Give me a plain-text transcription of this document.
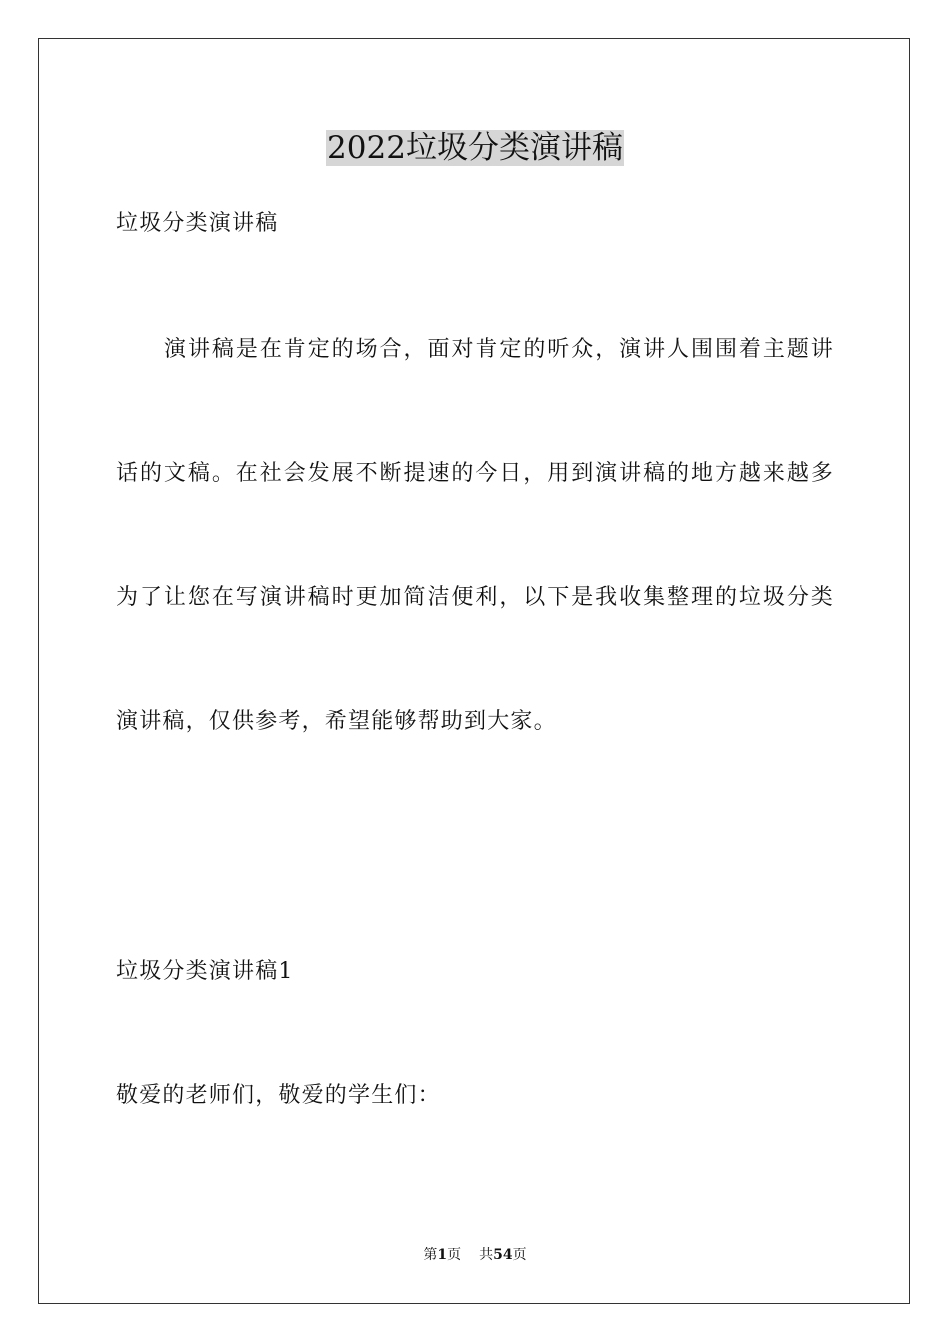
2022垃圾分类演讲稿
垃圾分类演讲稿
演讲稿是在肯定的场合，面对肯定的听众，演讲人围围着主题讲
话的文稿。在社会发展不断提速的今日，用到演讲稿的地方越来越多
为了让您在写演讲稿时更加简洁便利，以下是我收集整理的垃圾分类
演讲稿，仅供参考，希望能够帮助到大家。
垃圾分类演讲稿1
敬爱的老师们，敬爱的学生们：
第1页 共54页
